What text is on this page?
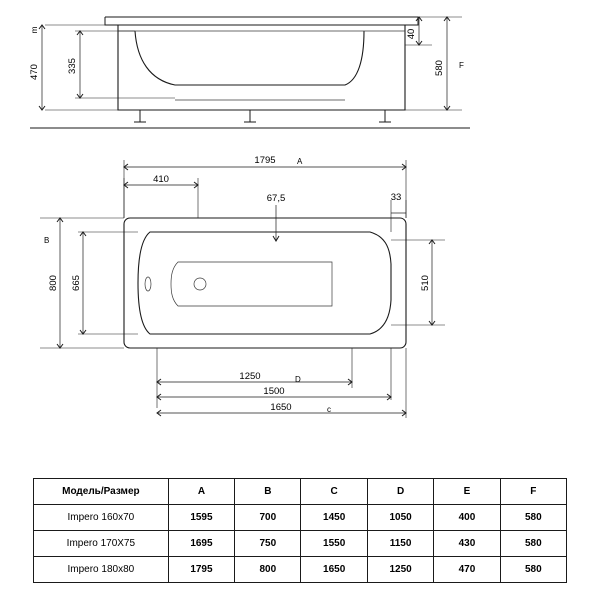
470
m
335
40
580 F
1795	A
410
67,5	33
800 665
B
510
1250	D
1500
1650	c
Модель/Размер	A	B	C	D	E	F
Impero 160x70	1595	700	1450	1050	400	580
Impero 170X75	1695	750	1550	1150	430	580
Impero 180x80	1795	800	1650	1250	470	580
